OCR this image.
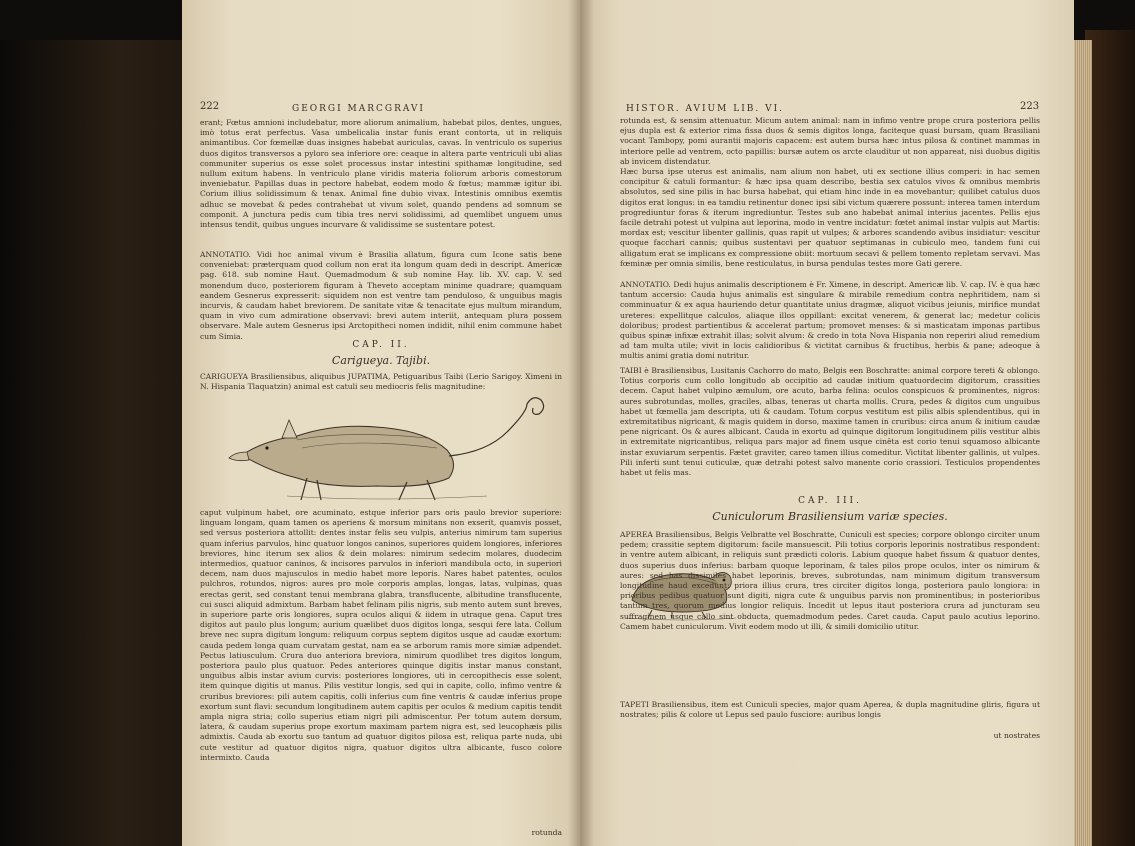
222	GEORGI MARCGRAVI

erant; Fœtus amnioni includebatur, more aliorum animalium, habebat pilos, dentes, ungues, imò totus erat perfectus. Vasa umbelicalia instar funis erant contorta, ut in reliquis animantibus. Cor fœmellæ duas insignes habebat auriculas, cavas. In ventriculo os superius duos digitos transversos a pyloro sea inferiore ore: ceaque in altera parte ventriculi ubi alias communiter superius os esse solet processus instar intestini spithamæ longitudine, sed nullum exitum habens. In ventriculo plane viridis materia foliorum arboris comestorum inveniebatur. Papillas duas in pectore habebat, eodem modo & fœtus; mammæ igitur ibi. Corium illius solidissimum & tenax. Animal fine dubio vivax. Intestinis omnibus exemtis adhuc se movebat & pedes contrahebat ut vivum solet, quando pendens ad somnum se componit. A junctura pedis cum tibia tres nervi solidissimi, ad quemlibet unguem unus intensus tendit, quibus ungues incurvare & validissime se sustentare potest.

ANNOTATIO. Vidi hoc animal vivum è Brasilia allatum, figura cum Icone satis bene conveniebat: præterquam quod collum non erat ita longum quam dedi in descript. Americæ pag. 618. sub nomine Haut. Quemadmodum & sub nomine Hay. lib. XV. cap. V. sed monendum duco, posteriorem figuram à Theveto acceptam minime quadrare; quamquam eandem Gesnerus expresserit: siquidem non est ventre tam penduloso, & unguibus magis incurvis, & caudam habet breviorem. De sanitate vitæ & tenacitate ejus multum mirandum, quam in vivo cum admiratione observavi: brevi autem interiit, antequam plura possem observare. Male autem Gesnerus ipsi Arctopitheci nomen indidit, nihil enim commune habet cum Simia.

CAP. II.
Carigueya. Tajibi.

CARIGUEYA Brasiliensibus, aliquibus JUPATIMA, Petiguaribus Taibi (Lerio Sarigoy. Ximeni in N. Hispania Tlaquatzin) animal est catuli seu mediocris felis magnitudine:

caput vulpinum habet, ore acuminato, estque inferior pars oris paulo brevior superiore: linguam longam, quam tamen os aperiens & morsum minitans non exserit, quamvis posset, sed versus posteriora attollit: dentes instar felis seu vulpis, anterius nimirum tam superius quam inferius parvulos, hinc quatuor longos caninos, superiores quidem longiores, inferiores breviores, hinc iterum sex alios & dein molares: nimirum sedecim molares, duodecim intermedios, quatuor caninos, & incisores parvulos in inferiori mandibula octo, in superiori decem, nam duos majusculos in medio habet more leporis. Nares habet patentes, oculos pulchros, rotundos, nigros: aures pro mole corporis amplas, longas, latas, vulpinas, quas erectas gerit, sed constant tenui membrana glabra, transflucente, albitudine transflucente, cui susci aliquid admixtum. Barbam habet felinam pilis nigris, sub mento autem sunt breves, in superiore parte oris longiores, supra oculos aliqui & iidem in utraque gena. Caput tres digitos aut paulo plus longum; aurium quælibet duos digitos longa, sesqui fere lata. Collum breve nec supra digitum longum: reliquum corpus septem digitos usque ad caudæ exortum: cauda pedem longa quam curvatam gestat, nam ea se arborum ramis more simiæ adpendet. Pectus latiusculum. Crura duo anteriora breviora, nimirum quodlibet tres digitos longum, posteriora paulo plus quatuor. Pedes anteriores quinque digitis instar manus constant, unguibus albis instar avium curvis: posteriores longiores, uti in cercopithecis esse solent, item quinque digitis ut manus. Pilis vestitur longis, sed qui in capite, collo, infimo ventre & cruribus breviores: pili autem capitis, colli inferius cum fine ventris & caudæ inferius prope exortum sunt flavi: secundum longitudinem autem capitis per oculos & medium capitis tendit ampla nigra stria; collo superius etiam nigri pili admiscentur. Per totum autem dorsum, latera, & caudam superius prope exortum maximam partem nigra est, sed leucophæis pilis admixtis. Cauda ab exortu suo tantum ad quatuor digitos pilosa est, reliqua parte nuda, ubi cute vestitur ad quatuor digitos nigra, quatuor digitos ultra albicante, fusco colore intermixto. Cauda

rotunda
HISTOR. AVIUM LIB. VI.	223

rotunda est, & sensim attenuatur. Micum autem animal: nam in infimo ventre prope crura posteriora pellis ejus dupla est & exterior rima fissa duos & semis digitos longa, faciteque quasi bursam, quam Brasiliani vocant Tambopy, pomi aurantii majoris capacem: est autem bursa hæc intus pilosa & continet mammas in interiore pelle ad ventrem, octo papillis: bursæ autem os arcte clauditur ut non appareat, nisi duobus digitis ab invicem distendatur.

Hæc bursa ipse uterus est animalis, nam alium non habet, uti ex sectione illius comperi: in hac semen concipitur & catuli formantur: & hæc ipsa quam describo, bestia sex catulos vivos & omnibus membris absolutos, sed sine pilis in hac bursa habebat, qui etiam hinc inde in ea movebantur; quilibet catulus duos digitos erat longus: in ea tamdiu retinentur donec ipsi sibi victum quærere possunt: interea tamen interdum progrediuntur foras & iterum ingrediuntur. Testes sub ano habebat animal interius jacentes. Pellis ejus facile detrahi potest ut vulpina aut leporina, modo in ventre incidatur: fœtet animal instar vulpis aut Martis: mordax est; vescitur libenter gallinis, quas rapit ut vulpes; & arbores scandendo avibus insidiatur: vescitur quoque facchari cannis; quibus sustentavi per quatuor septimanas in cubiculo meo, tandem funi cui alligatum erat se implicans ex compressione obiit: mortuum secavi & pellem tomento repletam servavi. Mas fœminæ per omnia similis, bene resticulatus, in bursa pendulas testes more Gati gerere.

ANNOTATIO. Dedi hujus animalis descriptionem è Fr. Ximene, in descript. Americæ lib. V. cap. IV. è qua hæc tantum accersio: Cauda hujus animalis est singulare & mirabile remedium contra nephritidem, nam si comminuatur & ex aqua hauriendo detur quantitate unius dragmæ, aliquot vicibus jeiunis, mirifice mundat ureteres: expellitque calculos, aliaque illos oppillant: excitat venerem, & generat lac; medetur colicis doloribus; prodest partientibus & accelerat partum; promovet menses: & si masticatam imponas partibus quibus spinæ infixæ extrahit illas; solvit alvum: & credo in tota Nova Hispania non reperiri aliud remedium ad tam multa utile; vivit in locis calidioribus & victitat carnibus & fructibus, herbis & pane; adeoque à multis animi gratia domi nutritur.

TAIBI è Brasiliensibus, Lusitanis Cachorro do mato, Belgis een Boschratte: animal corpore tereti & oblongo. Totius corporis cum collo longitudo ab occipitio ad caudæ initium quatuordecim digitorum, crassities decem. Caput habet vulpino æmulum, ore acuto, barba felina: oculos conspicuos & prominentes, nigros: aures subrotundas, molles, graciles, albas, teneras ut charta mollis. Crura, pedes & digitos cum unguibus habet ut fœmella jam descripta, uti & caudam. Totum corpus vestitum est pilis albis splendentibus, qui in extremitatibus nigricant, & magis quidem in dorso, maxime tamen in cruribus: circa anum & initium caudæ pene nigricant. Os & aures albicant. Cauda in exortu ad quinque digitorum longitudinem pilis vestitur albis in extremitate nigricantibus, reliqua pars major ad finem usque cinêta est corio tenui squamoso albicante instar exuviarum serpentis. Fætet graviter, careo tamen illius comeditur. Victitat libenter gallinis, ut vulpes. Pili inferti sunt tenui cuticulæ, quæ detrahi potest salvo manente corio crassiori. Testiculos propendentes habet ut felis mas.

CAP. III.
Cuniculorum Brasiliensium variæ species.

APEREA Brasiliensibus, Belgis Velbratte vel Boschratte, Cuniculi est species; corpore oblongo circiter unum pedem; crassitie septem digitorum: facile mansuescit. Pili totius corporis leporinis nostratibus respondent: in ventre autem albicant, in reliquis sunt prædicti coloris. Labium quoque habet fissum & quatuor dentes, duos superius duos inferius: barbam quoque leporinam, & tales pilos prope oculos, inter os nimirum & aures: sed has dissimiles habet leporinis, breves, subrotundas, nam minimum digitum transversum longitudine haud excedunt: priora illius crura, tres circiter digitos longa, posteriora paulo longiora: in prioribus pedibus quatuor sunt digiti, nigra cute & unguibus parvis non prominentibus; in posterioribus tantum tres, quorum medius longior reliquis. Incedit ut lepus itaut posteriora crura ad juncturam seu suffraginem usque callo sint obducta, quemadmodum pedes. Caret cauda. Caput paulo acutius leporino. Camem habet cuniculorum. Vivit eodem modo ut illi, & simili domicilio utitur.

TAPETI Brasiliensibus, item est Cuniculi species, major quam Aperea, & dupla magnitudine gliris, figura ut nostrates; pilis & colore ut Lepus sed paulo fusciore: auribus longis

ut nostrates
